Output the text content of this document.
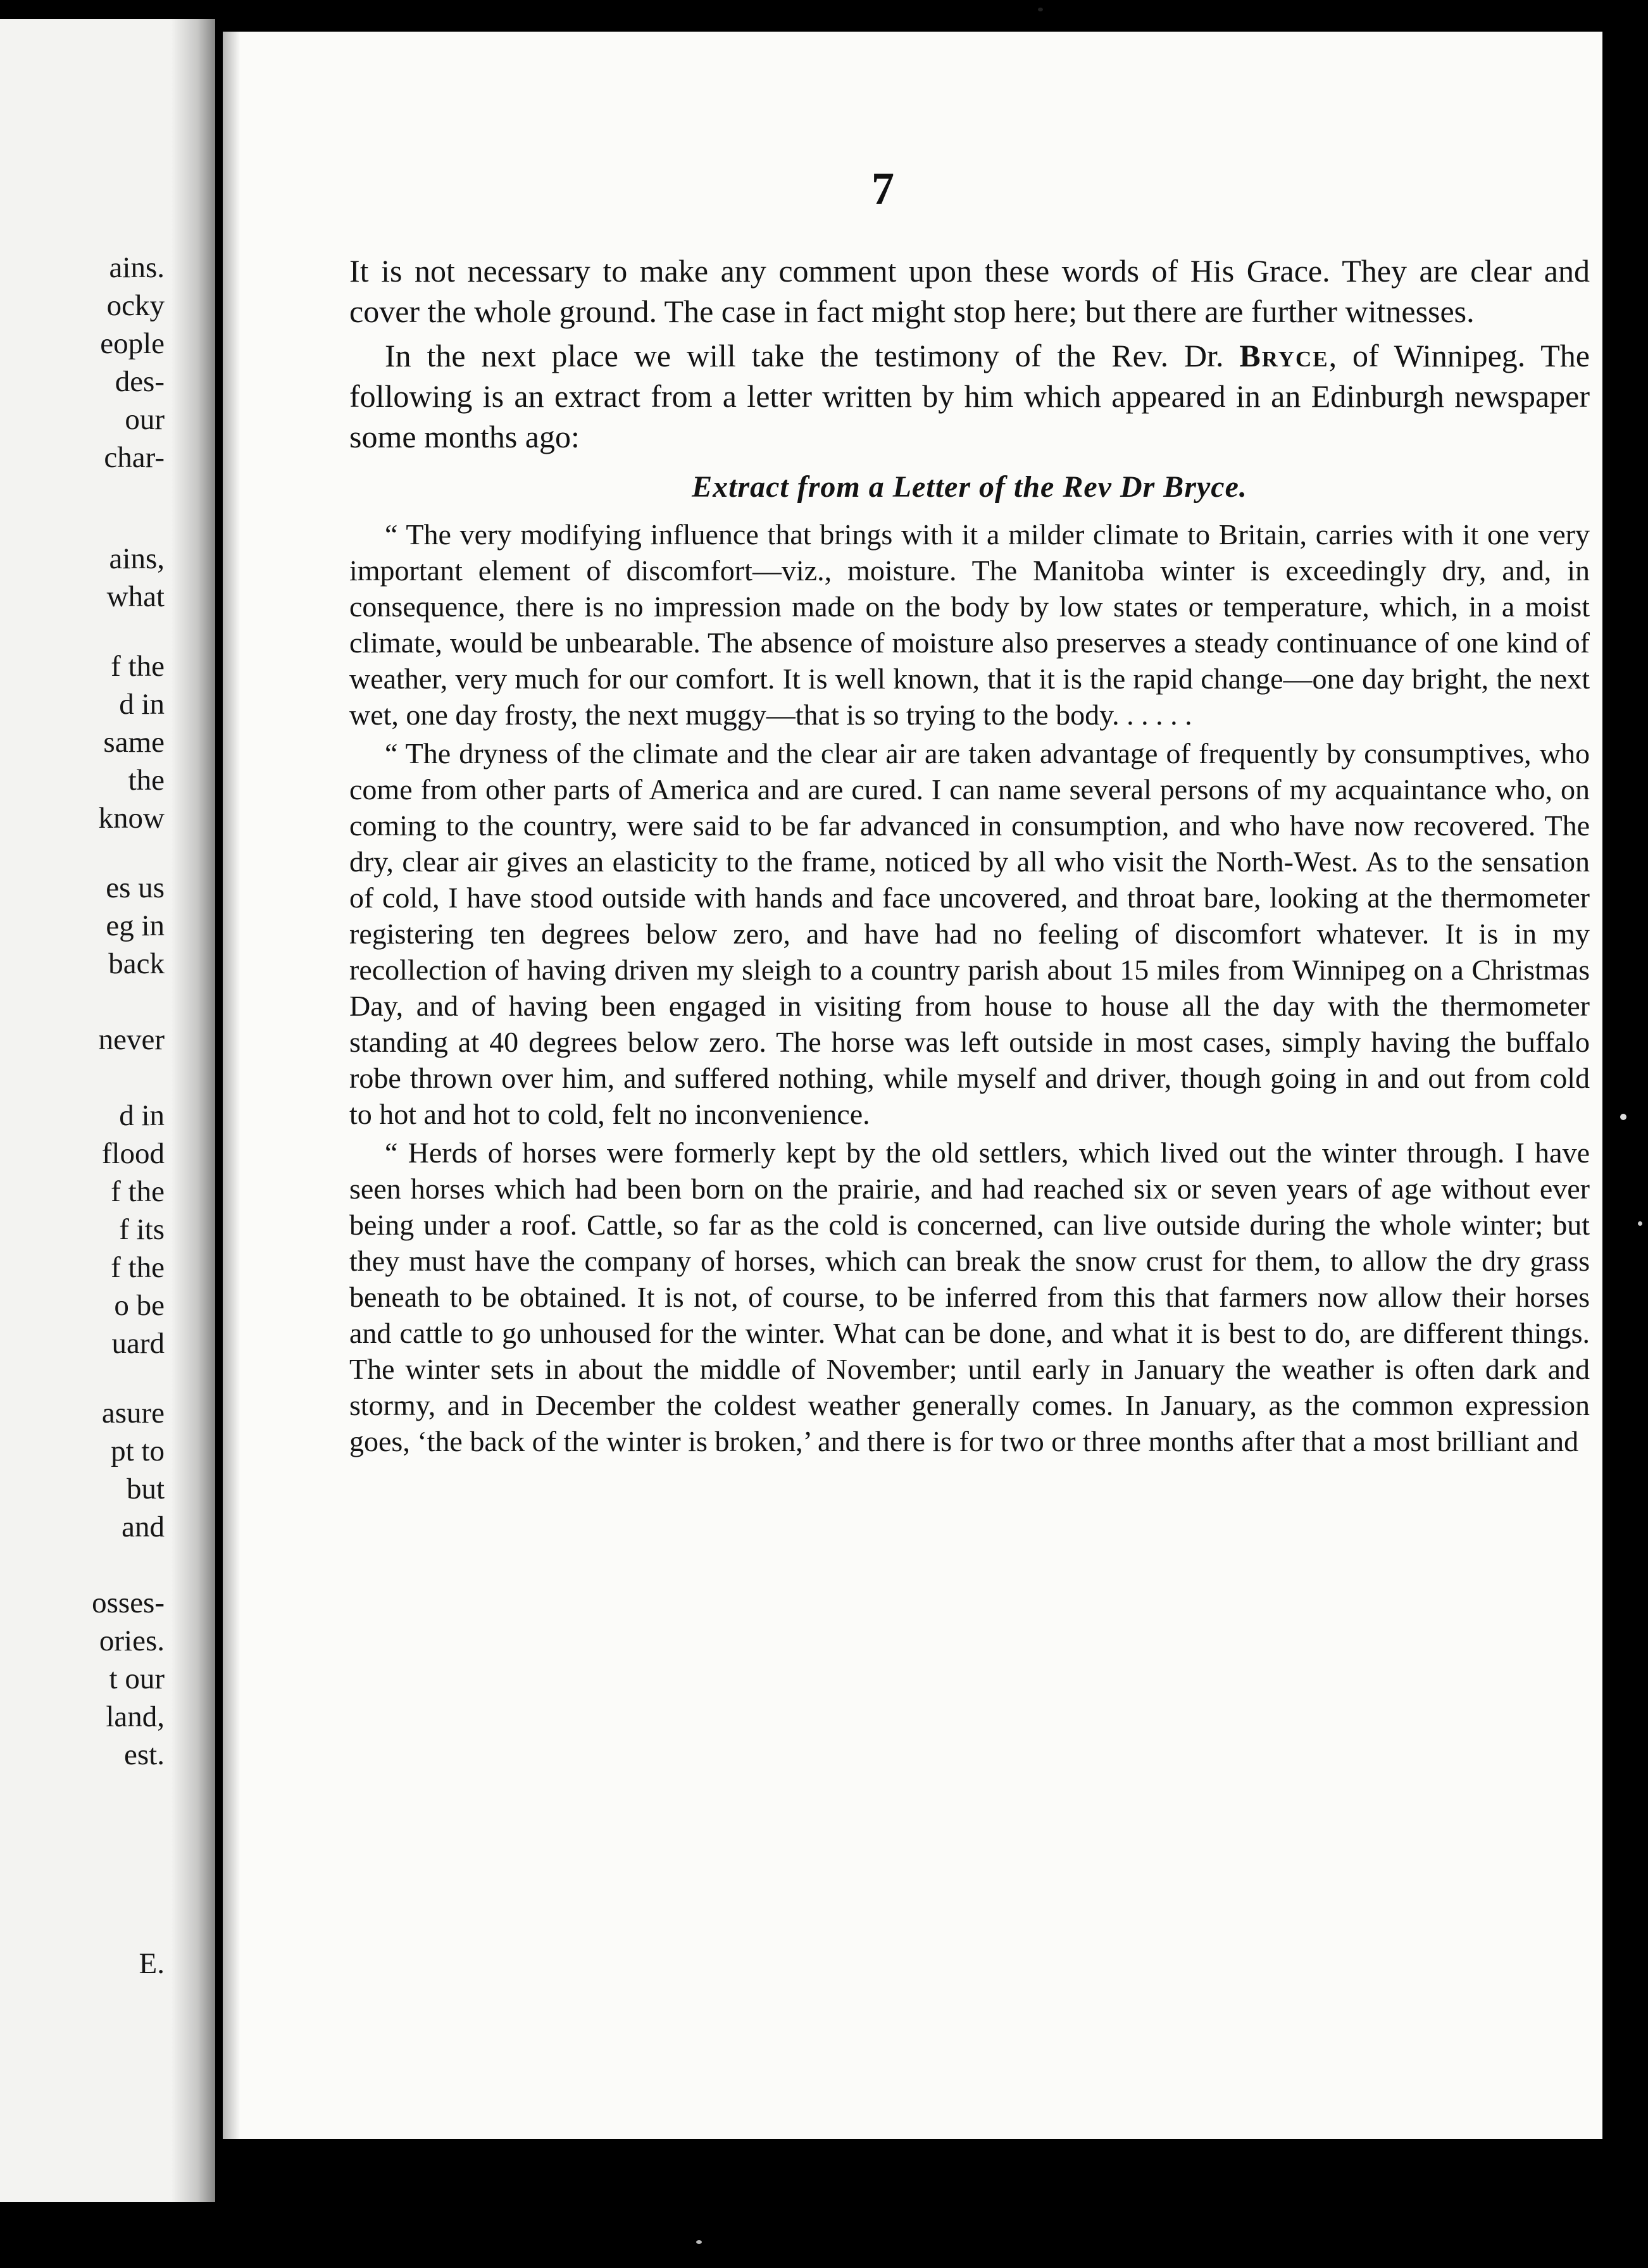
ains.
ocky
eople
des-
our
char-
ains,
what
f the
d in
same
the
know
es us
eg in
back
never
d in
flood
f the
f its
f the
o be
uard
asure
pt to
but
and
osses-
ories.
t our
land,
est.
E.
7

It is not necessary to make any comment upon these words of His Grace. They are clear and cover the whole ground. The case in fact might stop here; but there are further witnesses.

In the next place we will take the testimony of the Rev. Dr. Bryce, of Winnipeg. The following is an extract from a letter written by him which appeared in an Edinburgh newspaper some months ago:

Extract from a Letter of the Rev Dr Bryce.

“ The very modifying influence that brings with it a milder climate to Britain, carries with it one very important element of discomfort—viz., moisture. The Manitoba winter is exceedingly dry, and, in consequence, there is no impression made on the body by low states or temperature, which, in a moist climate, would be unbearable. The absence of moisture also preserves a steady continuance of one kind of weather, very much for our comfort. It is well known, that it is the rapid change—one day bright, the next wet, one day frosty, the next muggy—that is so trying to the body. . . . . .

“ The dryness of the climate and the clear air are taken advantage of frequently by consumptives, who come from other parts of America and are cured. I can name several persons of my acquaintance who, on coming to the country, were said to be far advanced in consumption, and who have now recovered. The dry, clear air gives an elasticity to the frame, noticed by all who visit the North-West. As to the sensation of cold, I have stood outside with hands and face uncovered, and throat bare, looking at the thermometer registering ten degrees below zero, and have had no feeling of discomfort whatever. It is in my recollection of having driven my sleigh to a country parish about 15 miles from Winnipeg on a Christmas Day, and of having been engaged in visiting from house to house all the day with the thermometer standing at 40 degrees below zero. The horse was left outside in most cases, simply having the buffalo robe thrown over him, and suffered nothing, while myself and driver, though going in and out from cold to hot and hot to cold, felt no inconvenience.

“ Herds of horses were formerly kept by the old settlers, which lived out the winter through. I have seen horses which had been born on the prairie, and had reached six or seven years of age without ever being under a roof. Cattle, so far as the cold is concerned, can live outside during the whole winter; but they must have the company of horses, which can break the snow crust for them, to allow the dry grass beneath to be obtained. It is not, of course, to be inferred from this that farmers now allow their horses and cattle to go unhoused for the winter. What can be done, and what it is best to do, are different things. The winter sets in about the middle of November; until early in January the weather is often dark and stormy, and in December the coldest weather generally comes. In January, as the common expression goes, ‘the back of the winter is broken,’ and there is for two or three months after that a most brilliant and
